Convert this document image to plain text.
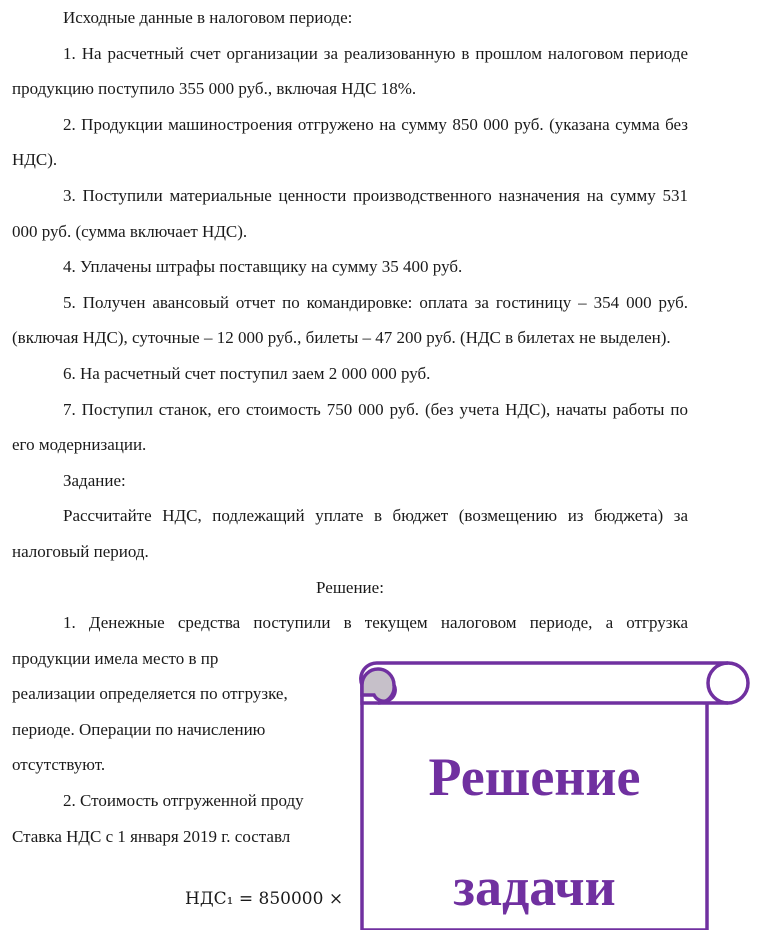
Исходные данные в налоговом периоде:

1. На расчетный счет организации за реализованную в прошлом налоговом периоде продукцию поступило 355 000 руб., включая НДС 18%.

2. Продукции машиностроения отгружено на сумму 850 000 руб. (указана сумма без НДС).

3. Поступили материальные ценности производственного назначения на сумму 531 000 руб. (сумма включает НДС).

4. Уплачены штрафы поставщику на сумму 35 400 руб.

5. Получен авансовый отчет по командировке: оплата за гостиницу – 354 000 руб. (включая НДС), суточные – 12 000 руб., билеты – 47 200 руб. (НДС в билетах не выделен).

6. На расчетный счет поступил заем 2 000 000 руб.

7. Поступил станок, его стоимость 750 000 руб. (без учета НДС), начаты работы по его модернизации.

Задание:

Рассчитайте НДС, подлежащий уплате в бюджет (возмещению из бюджета) за налоговый период.

Решение:

1. Денежные средства поступили в текущем налоговом периоде, а отгрузка продукции имела место в пр

реализации определяется по отгрузке,

периоде. Операции по начислению

отсутствуют.

2. Стоимость отгруженной проду

Ставка НДС с 1 января 2019 г. составл

НДС₁ = 850000 ×

Решение

задачи
